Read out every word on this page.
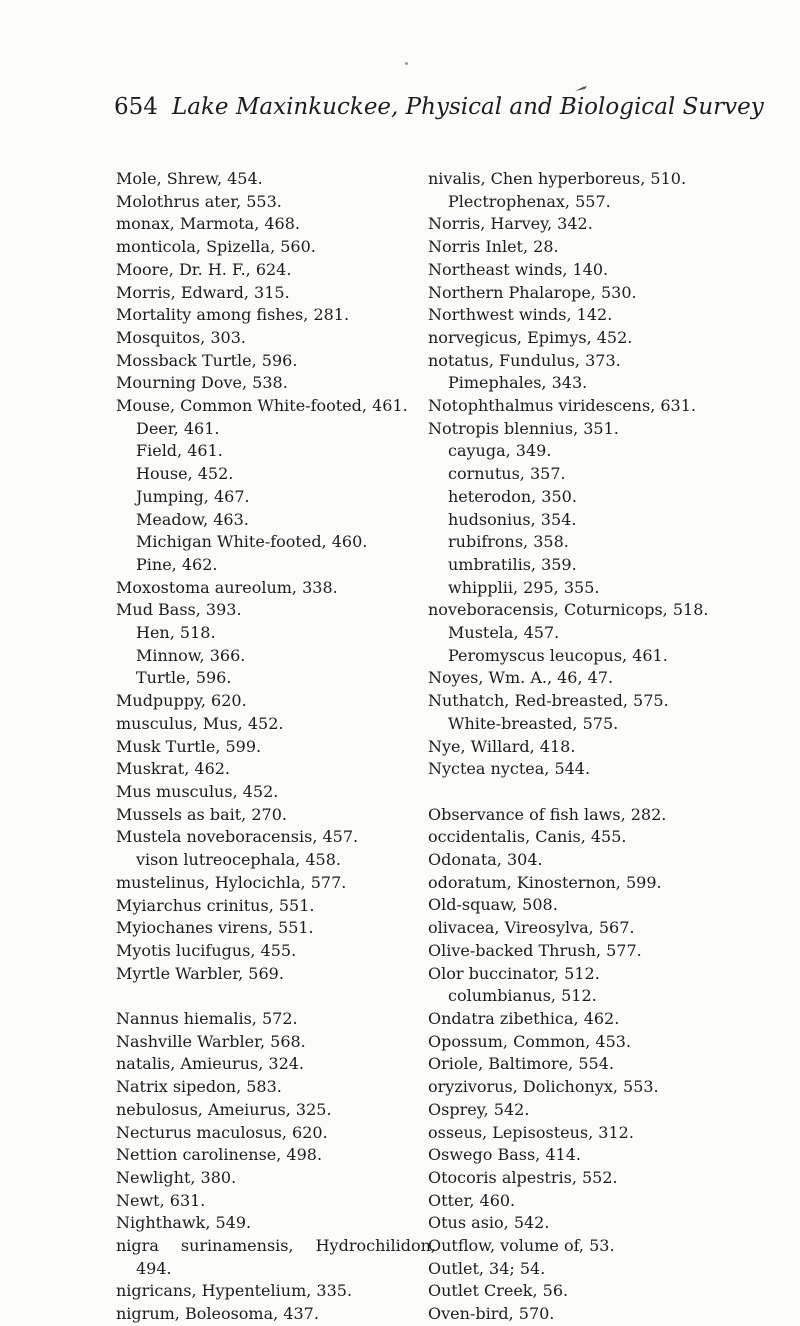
654 Lake Maxinkuckee, Physical and Biological Survey
Mole, Shrew, 454.
Molothrus ater, 553.
monax, Marmota, 468.
monticola, Spizella, 560.
Moore, Dr. H. F., 624.
Morris, Edward, 315.
Mortality among fishes, 281.
Mosquitos, 303.
Mossback Turtle, 596.
Mourning Dove, 538.
Mouse, Common White-footed, 461.
Deer, 461.
Field, 461.
House, 452.
Jumping, 467.
Meadow, 463.
Michigan White-footed, 460.
Pine, 462.
Moxostoma aureolum, 338.
Mud Bass, 393.
Hen, 518.
Minnow, 366.
Turtle, 596.
Mudpuppy, 620.
musculus, Mus, 452.
Musk Turtle, 599.
Muskrat, 462.
Mus musculus, 452.
Mussels as bait, 270.
Mustela noveboracensis, 457.
vison lutreocephala, 458.
mustelinus, Hylocichla, 577.
Myiarchus crinitus, 551.
Myiochanes virens, 551.
Myotis lucifugus, 455.
Myrtle Warbler, 569.
Nannus hiemalis, 572.
Nashville Warbler, 568.
natalis, Amieurus, 324.
Natrix sipedon, 583.
nebulosus, Ameiurus, 325.
Necturus maculosus, 620.
Nettion carolinense, 498.
Newlight, 380.
Newt, 631.
Nighthawk, 549.
nigra surinamensis, Hydrochilidon,
494.
nigricans, Hypentelium, 335.
nigrum, Boleosoma, 437.
nivalis, Chen hyperboreus, 510.
Plectrophenax, 557.
Norris, Harvey, 342.
Norris Inlet, 28.
Northeast winds, 140.
Northern Phalarope, 530.
Northwest winds, 142.
norvegicus, Epimys, 452.
notatus, Fundulus, 373.
Pimephales, 343.
Notophthalmus viridescens, 631.
Notropis blennius, 351.
cayuga, 349.
cornutus, 357.
heterodon, 350.
hudsonius, 354.
rubifrons, 358.
umbratilis, 359.
whipplii, 295, 355.
noveboracensis, Coturnicops, 518.
Mustela, 457.
Peromyscus leucopus, 461.
Noyes, Wm. A., 46, 47.
Nuthatch, Red-breasted, 575.
White-breasted, 575.
Nye, Willard, 418.
Nyctea nyctea, 544.
Observance of fish laws, 282.
occidentalis, Canis, 455.
Odonata, 304.
odoratum, Kinosternon, 599.
Old-squaw, 508.
olivacea, Vireosylva, 567.
Olive-backed Thrush, 577.
Olor buccinator, 512.
columbianus, 512.
Ondatra zibethica, 462.
Opossum, Common, 453.
Oriole, Baltimore, 554.
oryzivorus, Dolichonyx, 553.
Osprey, 542.
osseus, Lepisosteus, 312.
Oswego Bass, 414.
Otocoris alpestris, 552.
Otter, 460.
Otus asio, 542.
Outflow, volume of, 53.
Outlet, 34; 54.
Outlet Creek, 56.
Oven-bird, 570.
